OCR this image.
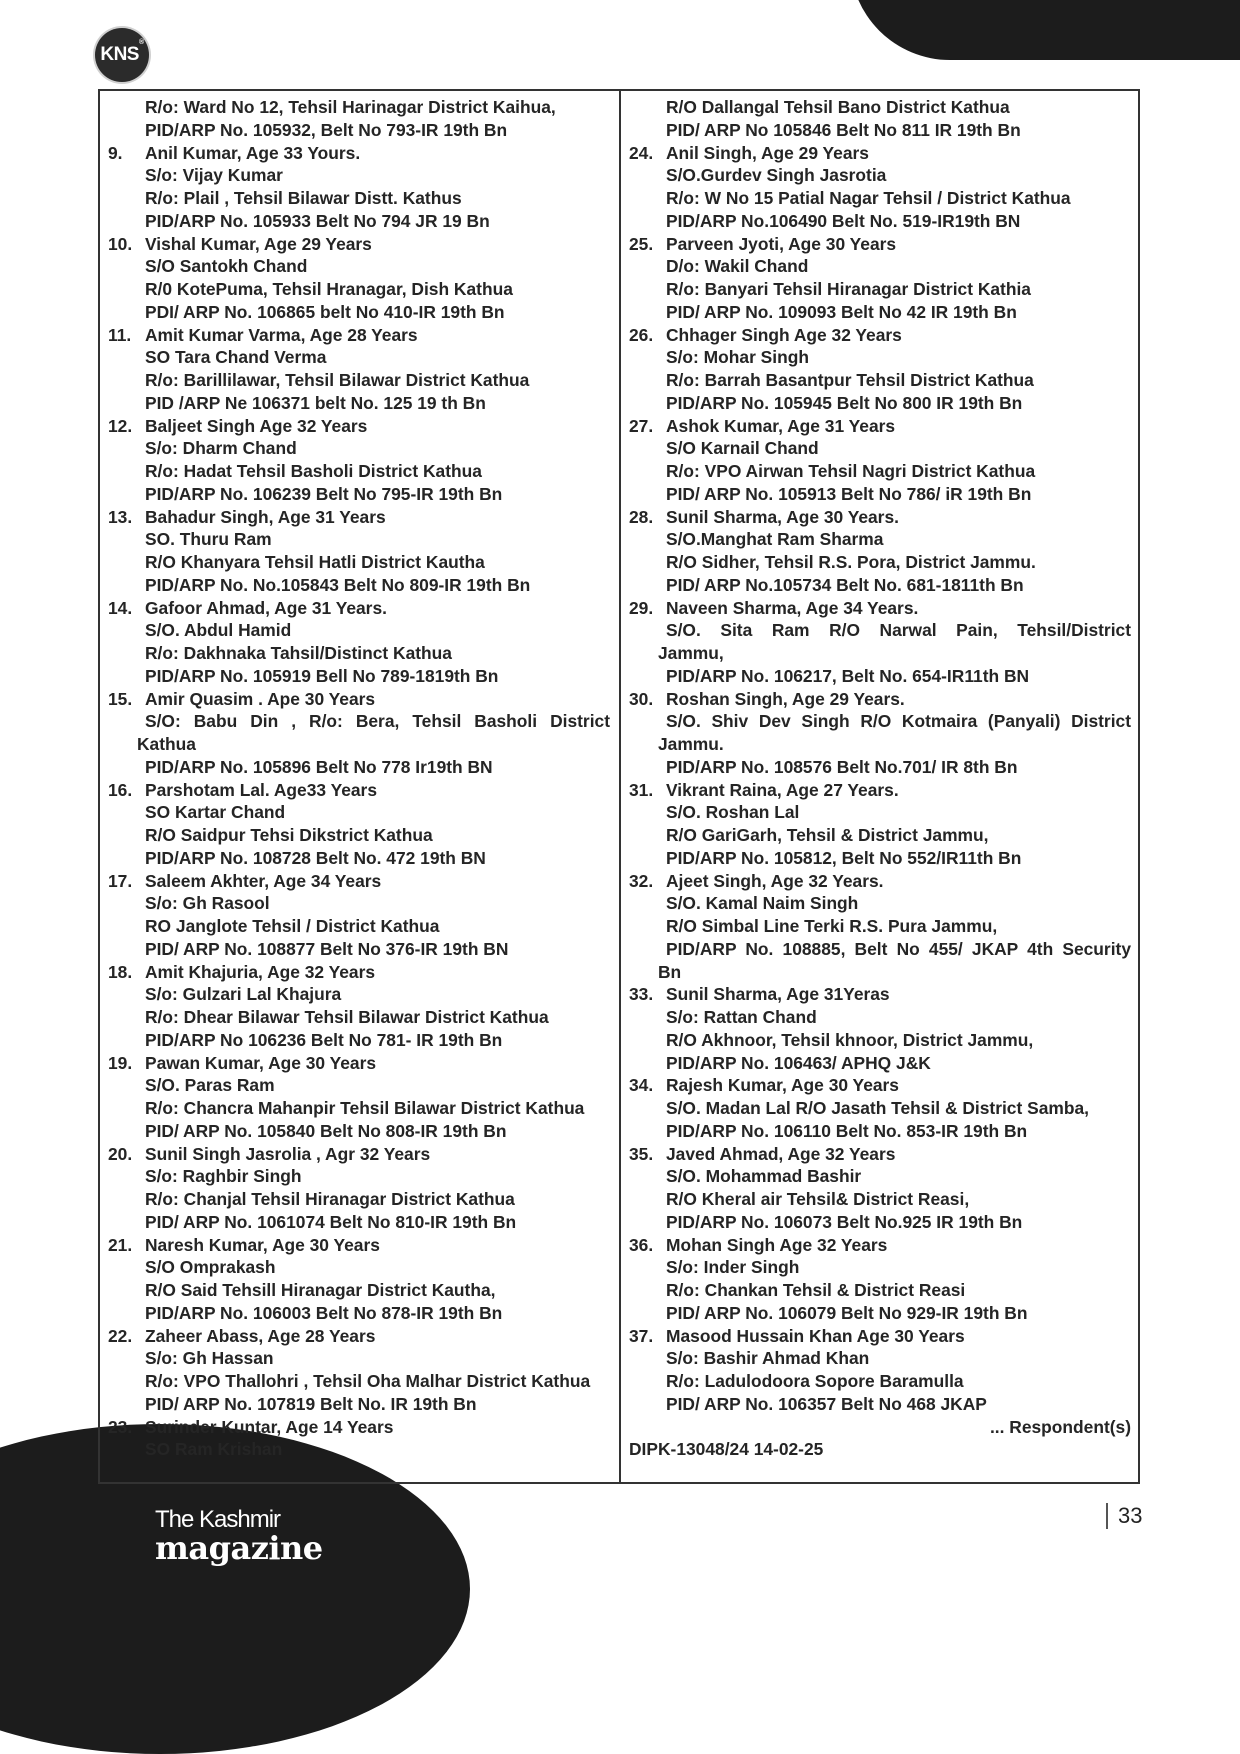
KNS®
R/o: Ward No 12, Tehsil Harinagar District Kaihua,
PID/ARP No. 105932, Belt No 793-IR 19th Bn
9. Anil Kumar, Age 33 Yours.
S/o: Vijay Kumar
R/o: Plail , Tehsil Bilawar Distt. Kathus
PID/ARP No. 105933 Belt No 794 JR 19 Bn
10. Vishal Kumar, Age 29 Years
S/O Santokh Chand
R/0 KotePuma, Tehsil Hranagar, Dish Kathua
PDI/ ARP No. 106865 belt No 410-IR 19th Bn
11. Amit Kumar Varma, Age 28 Years
SO Tara Chand Verma
R/o: Barillilawar, Tehsil Bilawar District Kathua
PID /ARP Ne 106371 belt No. 125 19 th Bn
12. Baljeet Singh Age 32 Years
S/o: Dharm Chand
R/o: Hadat Tehsil Basholi District Kathua
PID/ARP No. 106239 Belt No 795-IR 19th Bn
13. Bahadur Singh, Age 31 Years
SO. Thuru Ram
R/O Khanyara Tehsil Hatli District Kautha
PID/ARP No. No.105843 Belt No 809-IR 19th Bn
14. Gafoor Ahmad, Age 31 Years.
S/O. Abdul Hamid
R/o: Dakhnaka Tahsil/Distinct Kathua
PID/ARP No. 105919 Bell No 789-1819th Bn
15. Amir Quasim . Ape 30 Years
S/O: Babu Din , R/o: Bera, Tehsil Basholi District
Kathua
PID/ARP No. 105896 Belt No 778 Ir19th BN
16. Parshotam Lal. Age33 Years
SO Kartar Chand
R/O Saidpur Tehsi Dikstrict Kathua
PID/ARP No. 108728 Belt No. 472 19th BN
17. Saleem Akhter, Age 34 Years
S/o: Gh Rasool
RO Janglote Tehsil / District Kathua
PID/ ARP No. 108877 Belt No 376-IR 19th BN
18. Amit Khajuria, Age 32 Years
S/o: Gulzari Lal Khajura
R/o: Dhear Bilawar Tehsil Bilawar District Kathua
PID/ARP No 106236 Belt No 781- IR 19th Bn
19. Pawan Kumar, Age 30 Years
S/O. Paras Ram
R/o: Chancra Mahanpir Tehsil Bilawar District Kathua
PID/ ARP No. 105840 Belt No 808-IR 19th Bn
20. Sunil Singh Jasrolia , Agr 32 Years
S/o: Raghbir Singh
R/o: Chanjal Tehsil Hiranagar District Kathua
PID/ ARP No. 1061074 Belt No 810-IR 19th Bn
21. Naresh Kumar, Age 30 Years
S/O Omprakash
R/O Said Tehsill Hiranagar District Kautha,
PID/ARP No. 106003 Belt No 878-IR 19th Bn
22. Zaheer Abass, Age 28 Years
S/o: Gh Hassan
R/o: VPO Thallohri , Tehsil Oha Malhar District Kathua
PID/ ARP No. 107819 Belt No. IR 19th Bn
23. Surinder Kuntar, Age 14 Years
SO Ram Krishan
R/O Dallangal Tehsil Bano District Kathua
PID/ ARP No 105846 Belt No 811 IR 19th Bn
24. Anil Singh, Age 29 Years
S/O.Gurdev Singh Jasrotia
R/o: W No 15 Patial Nagar Tehsil / District Kathua
PID/ARP No.106490 Belt No. 519-IR19th BN
25. Parveen Jyoti, Age 30 Years
D/o: Wakil Chand
R/o: Banyari Tehsil Hiranagar District Kathia
PID/ ARP No. 109093 Belt No 42 IR 19th Bn
26. Chhager Singh Age 32 Years
S/o: Mohar Singh
R/o: Barrah Basantpur Tehsil District Kathua
PID/ARP No. 105945 Belt No 800 IR 19th Bn
27. Ashok Kumar, Age 31 Years
S/O Karnail Chand
R/o: VPO Airwan Tehsil Nagri District Kathua
PID/ ARP No. 105913 Belt No 786/ iR 19th Bn
28. Sunil Sharma, Age 30 Years.
S/O.Manghat Ram Sharma
R/O Sidher, Tehsil R.S. Pora, District Jammu.
PID/ ARP No.105734 Belt No. 681-1811th Bn
29. Naveen Sharma, Age 34 Years.
S/O. Sita Ram R/O Narwal Pain, Tehsil/District
Jammu,
PID/ARP No. 106217, Belt No. 654-IR11th BN
30. Roshan Singh, Age 29 Years.
S/O. Shiv Dev Singh R/O Kotmaira (Panyali) District
Jammu.
PID/ARP No. 108576 Belt No.701/ IR 8th Bn
31. Vikrant Raina, Age 27 Years.
S/O. Roshan Lal
R/O GariGarh, Tehsil & District Jammu,
PID/ARP No. 105812, Belt No 552/IR11th Bn
32. Ajeet Singh, Age 32 Years.
S/O. Kamal Naim Singh
R/O Simbal Line Terki R.S. Pura Jammu,
PID/ARP No. 108885, Belt No 455/ JKAP 4th Security
Bn
33. Sunil Sharma, Age 31Yeras
S/o: Rattan Chand
R/O Akhnoor, Tehsil khnoor, District Jammu,
PID/ARP No. 106463/ APHQ J&K
34. Rajesh Kumar, Age 30 Years
S/O. Madan Lal R/O Jasath Tehsil & District Samba,
PID/ARP No. 106110 Belt No. 853-IR 19th Bn
35. Javed Ahmad, Age 32 Years
S/O. Mohammad Bashir
R/O Kheral air Tehsil& District Reasi,
PID/ARP No. 106073 Belt No.925 IR 19th Bn
36. Mohan Singh Age 32 Years
S/o: Inder Singh
R/o: Chankan Tehsil & District Reasi
PID/ ARP No. 106079 Belt No 929-IR 19th Bn
37. Masood Hussain Khan Age 30 Years
S/o: Bashir Ahmad Khan
R/o: Ladulodoora Sopore Baramulla
PID/ ARP No. 106357 Belt No 468 JKAP
... Respondent(s)
DIPK-13048/24 14-02-25
The Kashmir
magazine
33
